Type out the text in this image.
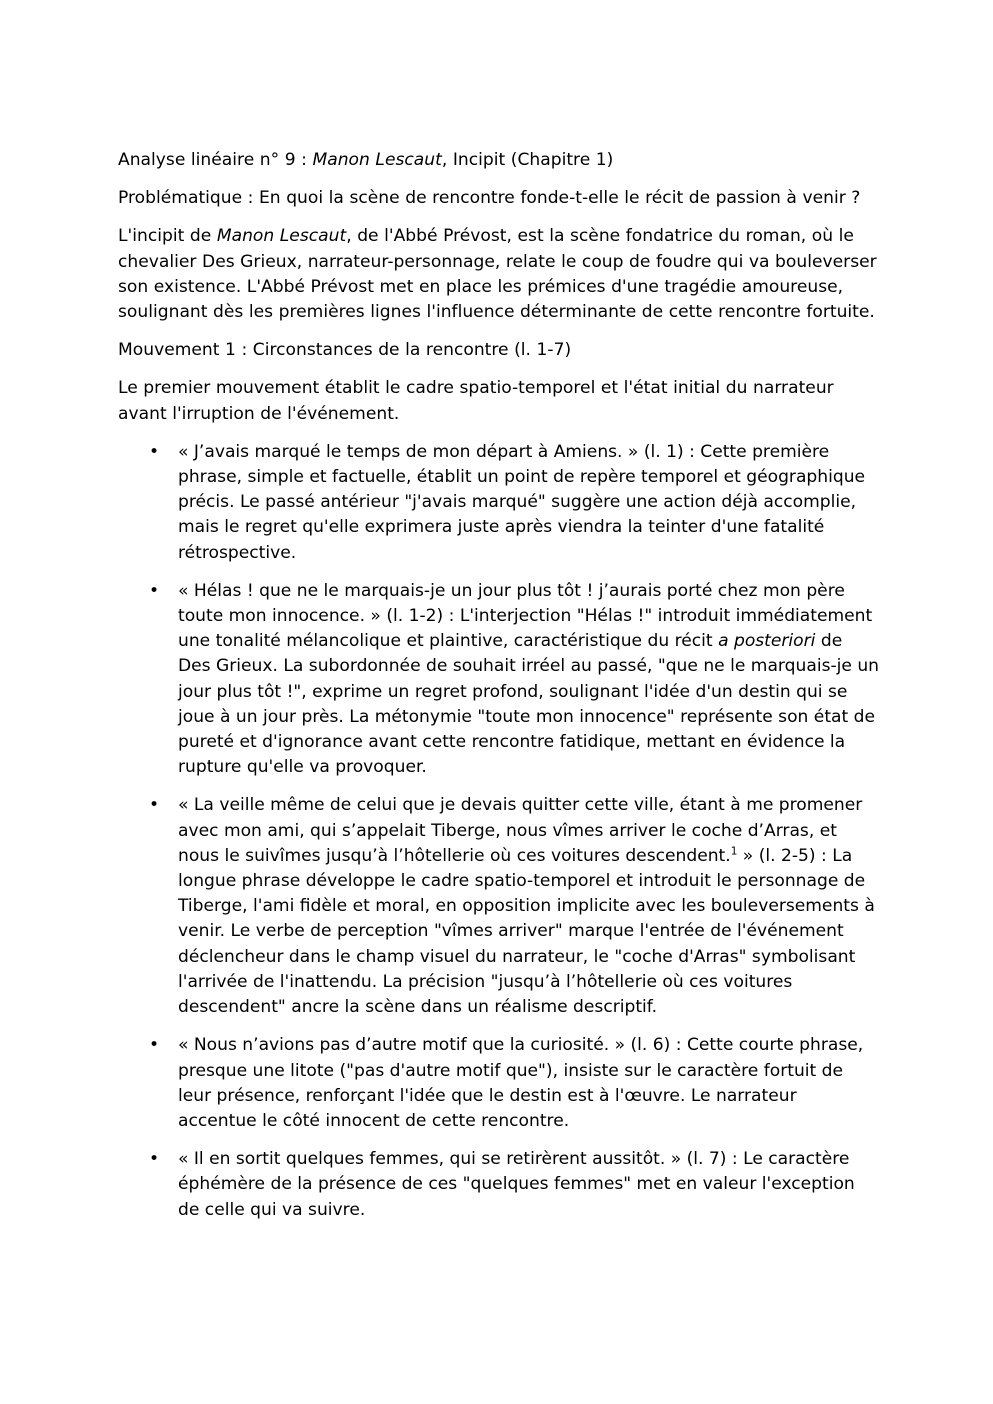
Analyse linéaire n° 9 : Manon Lescaut, Incipit (Chapitre 1)

Problématique : En quoi la scène de rencontre fonde-t-elle le récit de passion à venir ?

L'incipit de Manon Lescaut, de l'Abbé Prévost, est la scène fondatrice du roman, où le chevalier Des Grieux, narrateur-personnage, relate le coup de foudre qui va bouleverser son existence. L'Abbé Prévost met en place les prémices d'une tragédie amoureuse, soulignant dès les premières lignes l'influence déterminante de cette rencontre fortuite.

Mouvement 1 : Circonstances de la rencontre (l. 1-7)

Le premier mouvement établit le cadre spatio-temporel et l'état initial du narrateur avant l'irruption de l'événement.

• « J’avais marqué le temps de mon départ à Amiens. » (l. 1) : Cette première phrase, simple et factuelle, établit un point de repère temporel et géographique précis. Le passé antérieur "j'avais marqué" suggère une action déjà accomplie, mais le regret qu'elle exprimera juste après viendra la teinter d'une fatalité rétrospective.
• « Hélas ! que ne le marquais-je un jour plus tôt ! j’aurais porté chez mon père toute mon innocence. » (l. 1-2) : L'interjection "Hélas !" introduit immédiatement une tonalité mélancolique et plaintive, caractéristique du récit a posteriori de Des Grieux. La subordonnée de souhait irréel au passé, "que ne le marquais-je un jour plus tôt !", exprime un regret profond, soulignant l'idée d'un destin qui se joue à un jour près. La métonymie "toute mon innocence" représente son état de pureté et d'ignorance avant cette rencontre fatidique, mettant en évidence la rupture qu'elle va provoquer.
• « La veille même de celui que je devais quitter cette ville, étant à me promener avec mon ami, qui s’appelait Tiberge, nous vîmes arriver le coche d’Arras, et nous le suivîmes jusqu’à l’hôtellerie où ces voitures descendent.$^1$ » (l. 2-5) : La longue phrase développe le cadre spatio-temporel et introduit le personnage de Tiberge, l'ami fidèle et moral, en opposition implicite avec les bouleversements à venir. Le verbe de perception "vîmes arriver" marque l'entrée de l'événement déclencheur dans le champ visuel du narrateur, le "coche d'Arras" symbolisant l'arrivée de l'inattendu. La précision "jusqu’à l’hôtellerie où ces voitures descendent" ancre la scène dans un réalisme descriptif.
• « Nous n’avions pas d’autre motif que la curiosité. » (l. 6) : Cette courte phrase, presque une litote ("pas d'autre motif que"), insiste sur le caractère fortuit de leur présence, renforçant l'idée que le destin est à l'œuvre. Le narrateur accentue le côté innocent de cette rencontre.
• « Il en sortit quelques femmes, qui se retirèrent aussitôt. » (l. 7) : Le caractère éphémère de la présence de ces "quelques femmes" met en valeur l'exception de celle qui va suivre.
